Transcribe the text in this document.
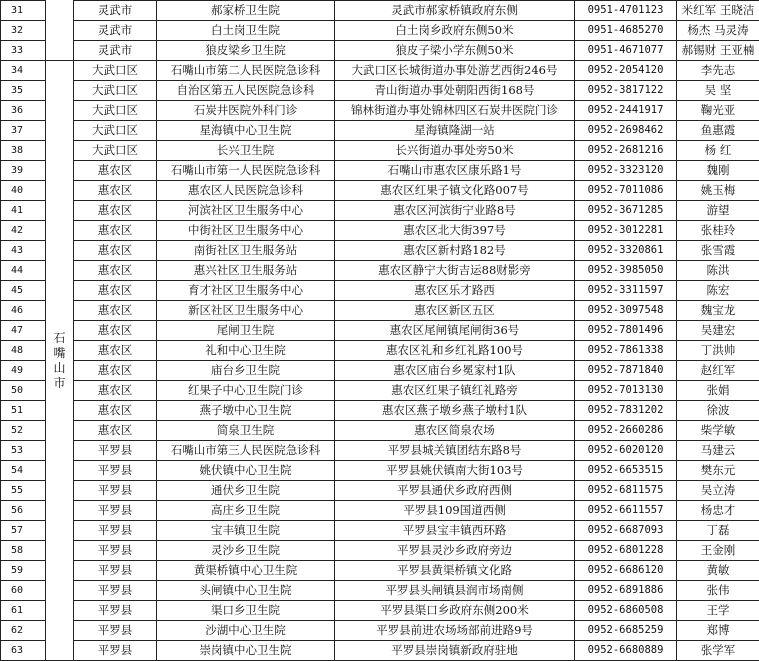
31		灵武市	郝家桥卫生院	灵武市郝家桥镇政府东侧	0951-4701123	米红军 王晓洁
32		灵武市	白土岗卫生院	白土岗乡政府东侧50米	0951-4685270	杨杰 马灵涛
33		灵武市	狼皮梁乡卫生院	狼皮子梁小学东侧50米	0951-4671077	郝锡财 王亚楠
34	石嘴山市	大武口区	石嘴山市第二人民医院急诊科	大武口区长城街道办事处游艺西街246号	0952-2054120	李先志
35		大武口区	自治区第五人民医院急诊科	青山街道办事处朝阳西街168号	0952-3817122	吴 坚
36		大武口区	石炭井医院外科门诊	锦林街道办事处锦林四区石炭井医院门诊	0952-2441917	鞠光亚
37		大武口区	星海镇中心卫生院	星海镇隆湖一站	0952-2698462	鱼惠霞
38		大武口区	长兴卫生院	长兴街道办事处旁50米	0952-2681216	杨 红
39		惠农区	石嘴山市第一人民医院急诊科	石嘴山市惠农区康乐路1号	0952-3323120	魏刚
40		惠农区	惠农区人民医院急诊科	惠农区红果子镇文化路007号	0952-7011086	姚玉梅
41		惠农区	河滨社区卫生服务中心	惠农区河滨街宁业路8号	0952-3671285	游望
42		惠农区	中街社区卫生服务中心	惠农区北大街397号	0952-3012281	张桂玲
43		惠农区	南街社区卫生服务站	惠农区新村路182号	0952-3320861	张雪霞
44		惠农区	惠兴社区卫生服务站	惠农区静宁大街吉运88财影旁	0952-3985050	陈洪
45		惠农区	育才社区卫生服务中心	惠农区乐才路西	0952-3311597	陈宏
46		惠农区	新区社区卫生服务中心	惠农区新区五区	0952-3097548	魏宝龙
47		惠农区	尾闸卫生院	惠农区尾闸镇尾闸街36号	0952-7801496	吴建宏
48		惠农区	礼和中心卫生院	惠农区礼和乡红礼路100号	0952-7861338	丁洪帅
49		惠农区	庙台乡卫生院	惠农区庙台乡冕家村1队	0952-7871840	赵红军
50		惠农区	红果子中心卫生院门诊	惠农区红果子镇红礼路旁	0952-7013130	张娟
51		惠农区	燕子墩中心卫生院	惠农区燕子墩乡燕子墩村1队	0952-7831202	徐波
52		惠农区	简泉卫生院	惠农区简泉农场	0952-2660286	柴学敏
53		平罗县	石嘴山市第三人民医院急诊科	平罗县城关镇团结东路8号	0952-6020120	马建云
54		平罗县	姚伏镇中心卫生院	平罗县姚伏镇南大街103号	0952-6653515	樊东元
55		平罗县	通伏乡卫生院	平罗县通伏乡政府西侧	0952-6811575	吴立涛
56		平罗县	高庄乡卫生院	平罗县109国道西侧	0952-6611557	杨忠才
57		平罗县	宝丰镇卫生院	平罗县宝丰镇西环路	0952-6687093	丁磊
58		平罗县	灵沙乡卫生院	平罗县灵沙乡政府旁边	0952-6801228	王金刚
59		平罗县	黄渠桥镇中心卫生院	平罗县黄渠桥镇文化路	0952-6686120	黄敏
60		平罗县	头闸镇中心卫生院	平罗县头闸镇县润市场南侧	0952-6891886	张伟
61		平罗县	渠口乡卫生院	平罗县渠口乡政府东侧200米	0952-6860508	王学
62		平罗县	沙湖中心卫生院	平罗县前进农场场部前进路9号	0952-6685259	郑博
63		平罗县	崇岗镇中心卫生院	平罗县崇岗镇新政府驻地	0952-6680889	张学军
